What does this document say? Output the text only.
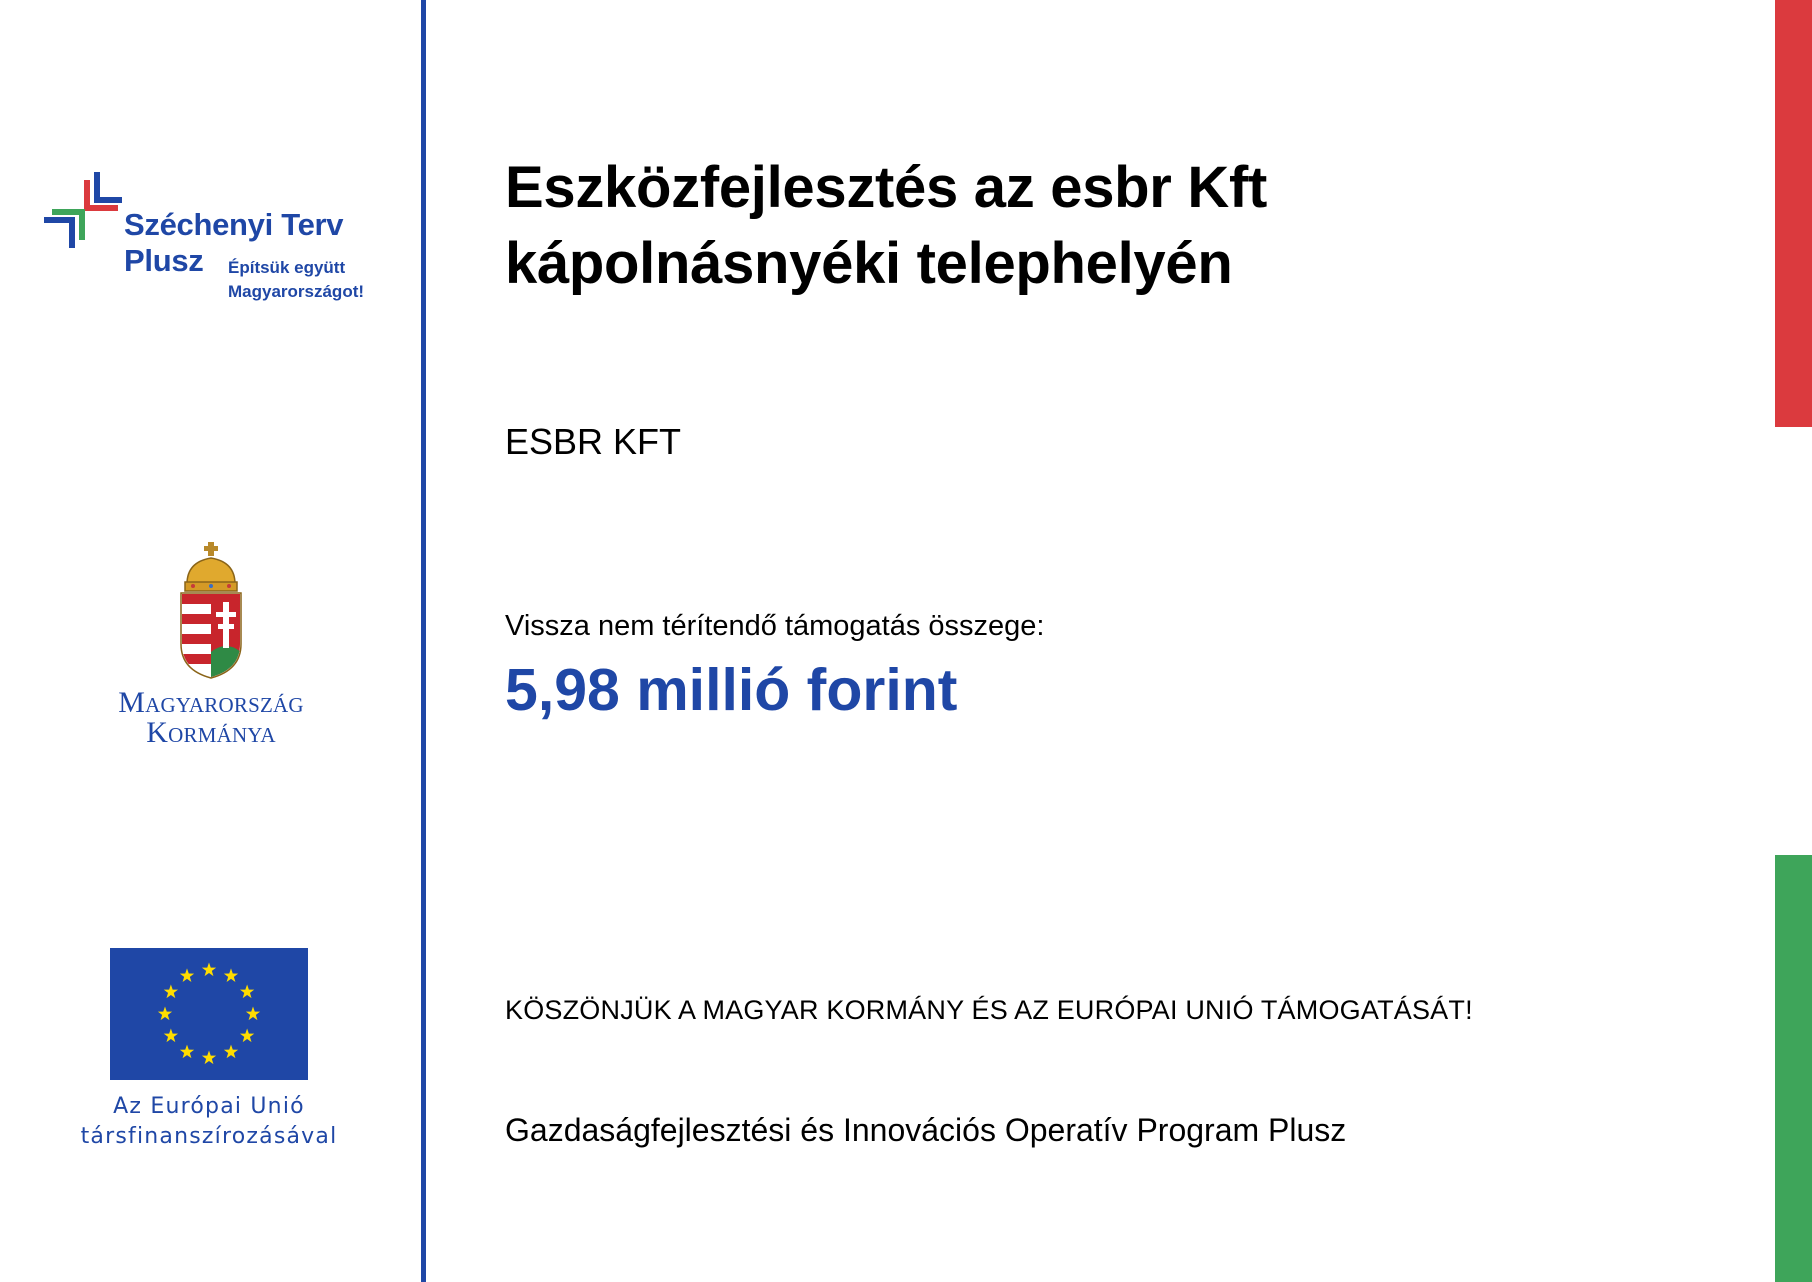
Széchenyi Terv
Plusz Építsük együtt
Magyarországot!
Magyarország
Kormánya
Az Európai Unió
társfinanszírozásával
Eszközfejlesztés az esbr Kft
kápolnásnyéki telephelyén
ESBR KFT
Vissza nem térítendő támogatás összege:
5,98 millió forint
KÖSZÖNJÜK A MAGYAR KORMÁNY ÉS AZ EURÓPAI UNIÓ TÁMOGATÁSÁT!
Gazdaságfejlesztési és Innovációs Operatív Program Plusz
